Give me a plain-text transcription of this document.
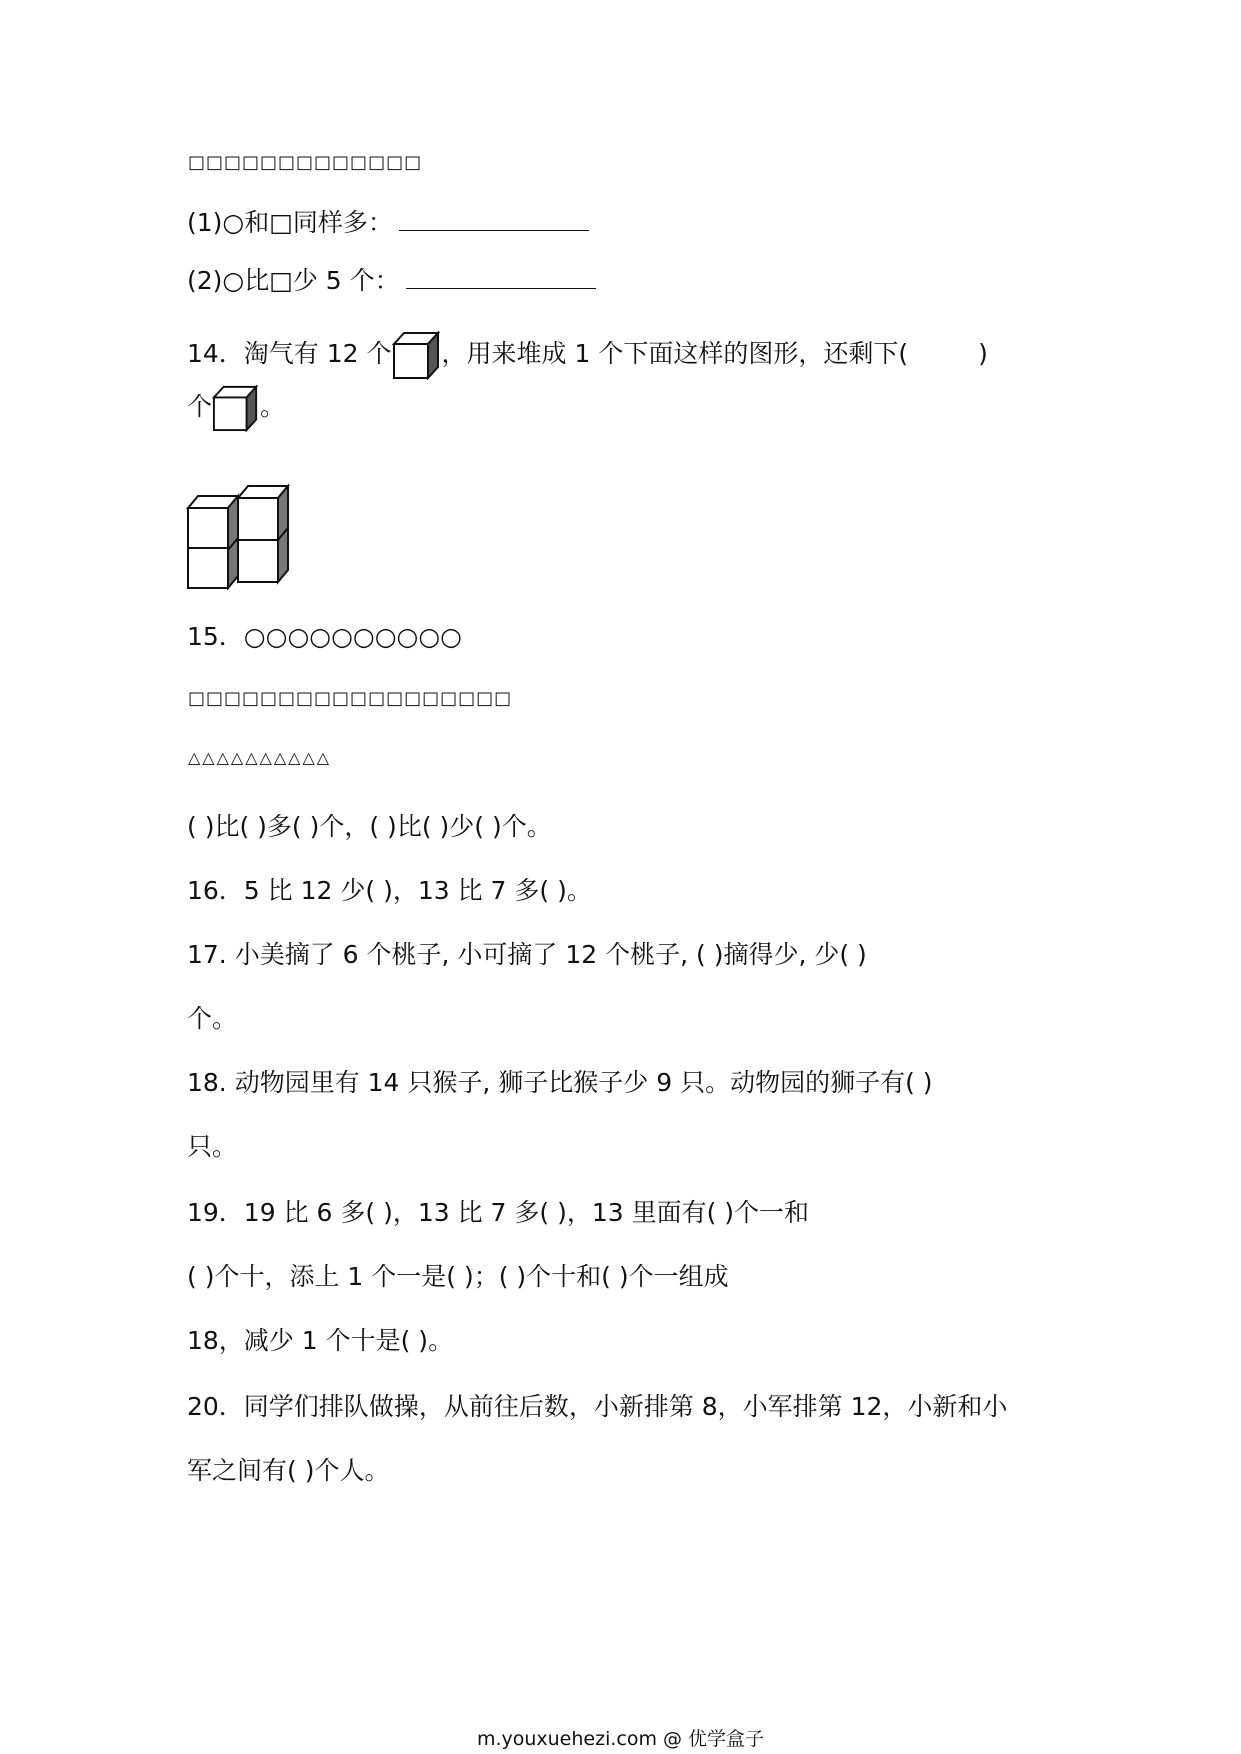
□□□□□□□□□□□□□
(1)○和□同样多：
(2)○比□少 5 个：
14．淘气有 12 个 ，用来堆成 1 个下面这样的图形，还剩下(	)
个 。
15．○○○○○○○○○○
□□□□□□□□□□□□□□□□□□
△△△△△△△△△△
( )比( )多( )个，( )比( )少( )个。
16．5 比 12 少( )，13 比 7 多( )。
17. 小美摘了 6 个桃子, 小可摘了 12 个桃子, ( )摘得少, 少( )
个。
18. 动物园里有 14 只猴子, 狮子比猴子少 9 只。动物园的狮子有( )
只。
19．19 比 6 多( )，13 比 7 多( )，13 里面有( )个一和
( )个十，添上 1 个一是( )；( )个十和( )个一组成
18，减少 1 个十是( )。
20．同学们排队做操，从前往后数，小新排第 8，小军排第 12，小新和小
军之间有( )个人。
m.youxuehezi.com @ 优学盒子
